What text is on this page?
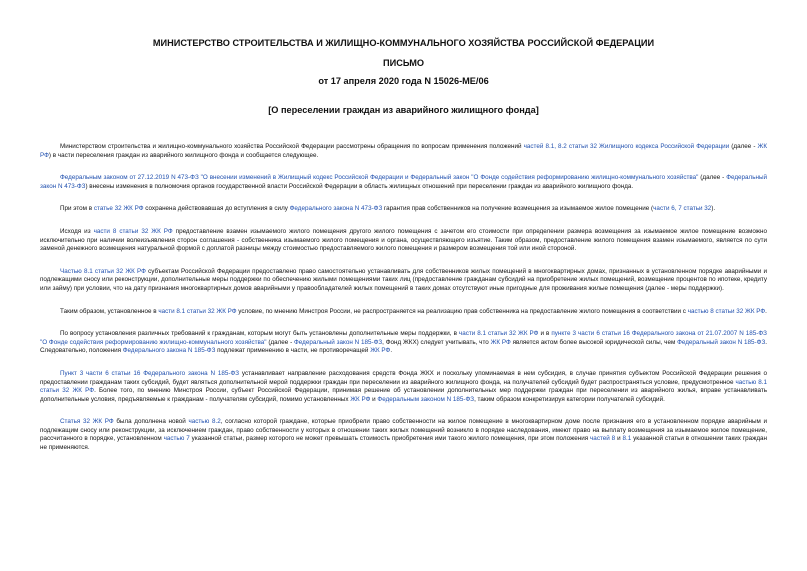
МИНИСТЕРСТВО СТРОИТЕЛЬСТВА И ЖИЛИЩНО-КОММУНАЛЬНОГО ХОЗЯЙСТВА РОССИЙСКОЙ ФЕДЕРАЦИИ
ПИСЬМО
от 17 апреля 2020 года N 15026-МЕ/06
[О переселении граждан из аварийного жилищного фонда]

Министерством строительства и жилищно-коммунального хозяйства Российской Федерации рассмотрены обращения по вопросам применения положений частей 8.1, 8.2 статьи 32 Жилищного кодекса Российской Федерации (далее - ЖК РФ) в части переселения граждан из аварийного жилищного фонда и сообщается следующее.

Федеральным законом от 27.12.2019 N 473-ФЗ "О внесении изменений в Жилищный кодекс Российской Федерации и Федеральный закон "О Фонде содействия реформированию жилищно-коммунального хозяйства" (далее - Федеральный закон N 473-ФЗ) внесены изменения в полномочия органов государственной власти Российской Федерации в область жилищных отношений при переселении граждан из аварийного жилищного фонда.

При этом в статье 32 ЖК РФ сохранена действовавшая до вступления в силу Федерального закона N 473-ФЗ гарантия прав собственников на получение возмещения за изымаемое жилое помещение (части 6, 7 статьи 32).

Исходя из части 8 статьи 32 ЖК РФ предоставление взамен изымаемого жилого помещения другого жилого помещения с зачетом его стоимости при определении размера возмещения за изымаемое жилое помещение возможно исключительно при наличии волеизъявления сторон соглашения - собственника изымаемого жилого помещения и органа, осуществляющего изъятие. Таким образом, предоставление жилого помещения взамен изымаемого, является по сути заменой денежного возмещения натуральной формой с доплатой разницы между стоимостью предоставляемого жилого помещения и размером возмещения той или иной стороной.

Частью 8.1 статьи 32 ЖК РФ субъектам Российской Федерации предоставлено право самостоятельно устанавливать для собственников жилых помещений в многоквартирных домах, признанных в установленном порядке аварийными и подлежащими сносу или реконструкции, дополнительные меры поддержки по обеспечению жилыми помещениями таких лиц (предоставление гражданам субсидий на приобретение жилых помещений, возмещение процентов по ипотеке, кредиту или займу) при условии, что на дату признания многоквартирных домов аварийными у правообладателей жилых помещений в таких домах отсутствуют иные пригодные для проживания жилые помещения (далее - меры поддержки).

Таким образом, установленное в части 8.1 статьи 32 ЖК РФ условие, по мнению Минстроя России, не распространяется на реализацию прав собственника на предоставление жилого помещения в соответствии с частью 8 статьи 32 ЖК РФ.

По вопросу установления различных требований к гражданам, которым могут быть установлены дополнительные меры поддержки, в части 8.1 статьи 32 ЖК РФ и в пункте 3 части 6 статьи 16 Федерального закона от 21.07.2007 N 185-ФЗ "О Фонде содействия реформированию жилищно-коммунального хозяйства" (далее - Федеральный закон N 185-ФЗ, Фонд ЖКХ) следует учитывать, что ЖК РФ является актом более высокой юридической силы, чем Федеральный закон N 185-ФЗ. Следовательно, положения Федерального закона N 185-ФЗ подлежат применению в части, не противоречащей ЖК РФ.

Пункт 3 части 6 статьи 16 Федерального закона N 185-ФЗ устанавливает направление расходования средств Фонда ЖКХ и поскольку упоминаемая в нем субсидия, в случае принятия субъектом Российской Федерации решения о предоставлении гражданам таких субсидий, будет являться дополнительной мерой поддержки граждан при переселении из аварийного жилищного фонда, на получателей субсидий будет распространяться условие, предусмотренное частью 8.1 статьи 32 ЖК РФ. Более того, по мнению Минстроя России, субъект Российской Федерации, принимая решение об установлении дополнительных мер поддержки граждан при переселении из аварийного жилья, вправе устанавливать дополнительные условия, предъявляемые к гражданам - получателям субсидий, помимо установленных ЖК РФ и Федеральным законом N 185-ФЗ, таким образом конкретизируя категории получателей субсидий.

Статья 32 ЖК РФ была дополнена новой частью 8.2, согласно которой граждане, которые приобрели право собственности на жилое помещение в многоквартирном доме после признания его в установленном порядке аварийным и подлежащим сносу или реконструкции, за исключением граждан, право собственности у которых в отношении таких жилых помещений возникло в порядке наследования, имеют право на выплату возмещения за изымаемое жилое помещение, рассчитанного в порядке, установленном частью 7 указанной статьи, размер которого не может превышать стоимость приобретения ими такого жилого помещения, при этом положения частей 8 и 8.1 указанной статьи в отношении таких граждан не применяются.
